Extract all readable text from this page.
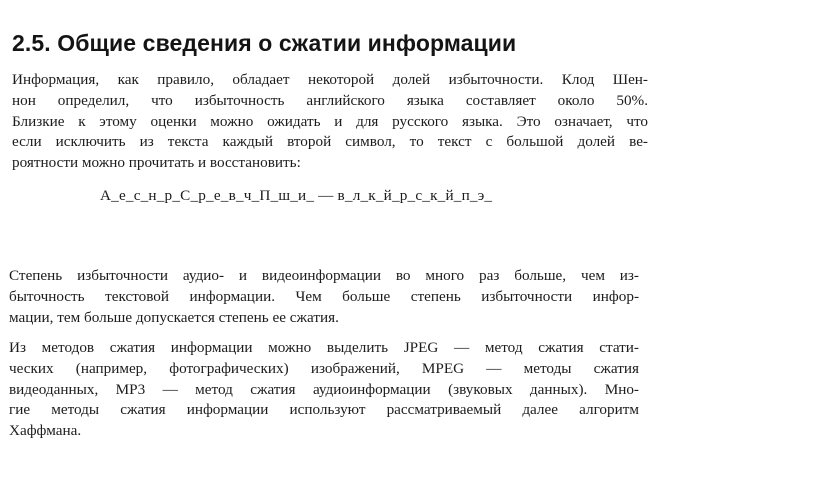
2.5. Общие сведения о сжатии информации

Информация, как правило, обладает некоторой долей избыточности. Клод Шен-
нон определил, что избыточность английского языка составляет около 50%.
Близкие к этому оценки можно ожидать и для русского языка. Это означает, что
если исключить из текста каждый второй символ, то текст с большой долей ве-
роятности можно прочитать и восстановить:

А_е_с_н_р_С_р_е_в_ч_П_ш_и_ — в_л_к_й_р_с_к_й_п_э_

Степень избыточности аудио- и видеоинформации во много раз больше, чем из-
быточность текстовой информации. Чем больше степень избыточности инфор-
мации, тем больше допускается степень ее сжатия.

Из методов сжатия информации можно выделить JPEG — метод сжатия стати-
ческих (например, фотографических) изображений, MPEG — методы сжатия
видеоданных, MP3 — метод сжатия аудиоинформации (звуковых данных). Мно-
гие методы сжатия информации используют рассматриваемый далее алгоритм
Хаффмана.
